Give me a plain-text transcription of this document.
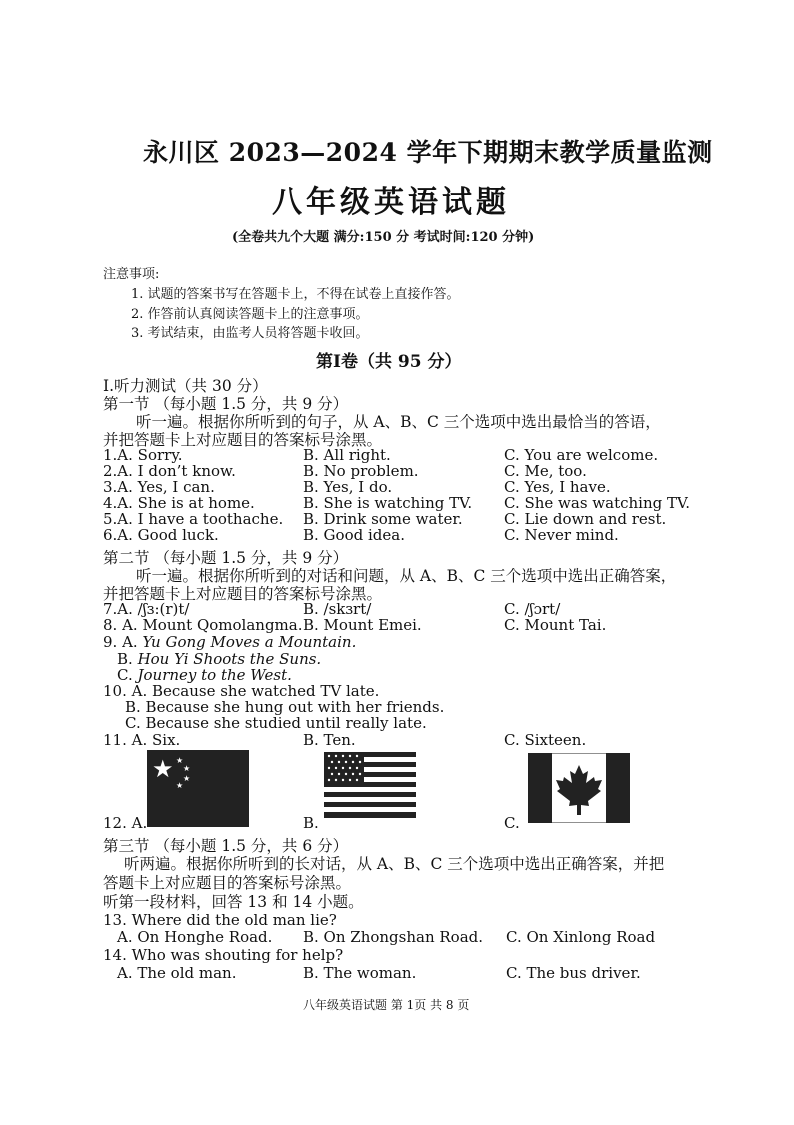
永川区 2023—2024 学年下期期末教学质量监测
八年级英语试题
(全卷共九个大题 满分:150 分 考试时间:120 分钟)
注意事项:
1. 试题的答案书写在答题卡上，不得在试卷上直接作答。
2. 作答前认真阅读答题卡上的注意事项。
3. 考试结束，由监考人员将答题卡收回。
第Ⅰ卷（共 95 分）
Ⅰ.听力测试（共 30 分）
第一节 （每小题 1.5 分，共 9 分）
听一遍。根据你所听到的句子，从 A、B、C 三个选项中选出最恰当的答语，
并把答题卡上对应题目的答案标号涂黑。
1.A. Sorry.	B. All right.	C. You are welcome.
2.A. I don’t know.	B. No problem.	C. Me, too.
3.A. Yes, I can.	B. Yes, I do.	C. Yes, I have.
4.A. She is at home.	B. She is watching TV. C. She was watching TV.
5.A. I have a toothache. B. Drink some water.	C. Lie down and rest.
6.A. Good luck.	B. Good idea.	C. Never mind.
第二节 （每小题 1.5 分，共 9 分）
听一遍。根据你所听到的对话和问题，从 A、B、C 三个选项中选出正确答案，
并把答题卡上对应题目的答案标号涂黑。
7.A. /ʃɜ:(r)t/	B. /skɜrt/	C. /ʃɔrt/
8. A. Mount Qomolangma. B. Mount Emei.	C. Mount Tai.
9. A. Yu Gong Moves a Mountain.
B. Hou Yi Shoots the Suns.
C. Journey to the West.
10. A. Because she watched TV late.
B. Because she hung out with her friends.
C. Because she studied until really late.
11. A. Six.	B. Ten.	C. Sixteen.
★ ★
★
★
★
12. A.	B.	C.
第三节 （每小题 1.5 分，共 6 分）
听两遍。根据你所听到的长对话，从 A、B、C 三个选项中选出正确答案，并把
答题卡上对应题目的答案标号涂黑。
听第一段材料，回答 13 和 14 小题。
13. Where did the old man lie?
A. On Honghe Road. B. On Zhongshan Road. C. On Xinlong Road
14. Who was shouting for help?
A. The old man.	B. The woman.	C. The bus driver.
八年级英语试题 第 1页 共 8 页
